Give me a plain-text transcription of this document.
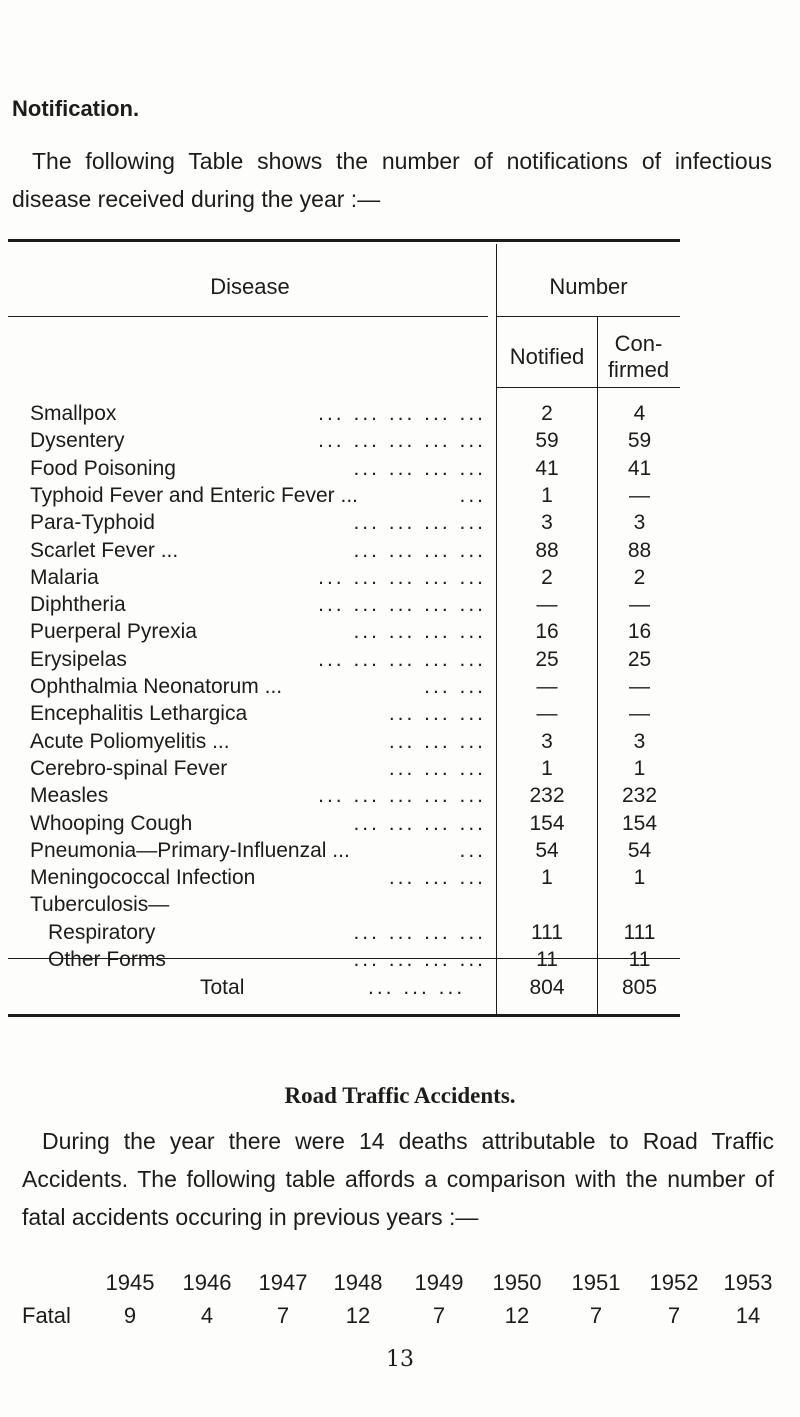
Notification.
The following Table shows the number of notifications of infectious disease received during the year :—
Disease	Number
Notified
Con-
firmed
Smallpox	... ... ... ... ...	2	4
Dysentery	... ... ... ... ...	59	59
Food Poisoning	... ... ... ...	41	41
Typhoid Fever and Enteric Fever ...	...	1	—
Para-Typhoid	... ... ... ...	3	3
Scarlet Fever ...	... ... ... ...	88	88
Malaria	... ... ... ... ...	2	2
Diphtheria	... ... ... ... ...	—	—
Puerperal Pyrexia	... ... ... ...	16	16
Erysipelas	... ... ... ... ...	25	25
Ophthalmia Neonatorum ...	... ...	—	—
Encephalitis Lethargica	... ... ...	—	—
Acute Poliomyelitis ...	... ... ...	3	3
Cerebro-spinal Fever	... ... ...	1	1
Measles	... ... ... ... ...	232	232
Whooping Cough	... ... ... ...	154	154
Pneumonia—Primary-Influenzal ...	...	54	54
Meningococcal Infection	... ... ...	1	1
Tuberculosis—
Respiratory	... ... ... ...	111	111
Other Forms	... ... ... ...	11	11
Total	... ... ...	804	805
Road Traffic Accidents.
During the year there were 14 deaths attributable to Road Traffic Accidents. The following table affords a comparison with the number of fatal accidents occuring in previous years :—
1945 1946 1947 1948 1949 1950 1951 1952 1953
Fatal	9	4	7	12	7	12	7	7	14
13
